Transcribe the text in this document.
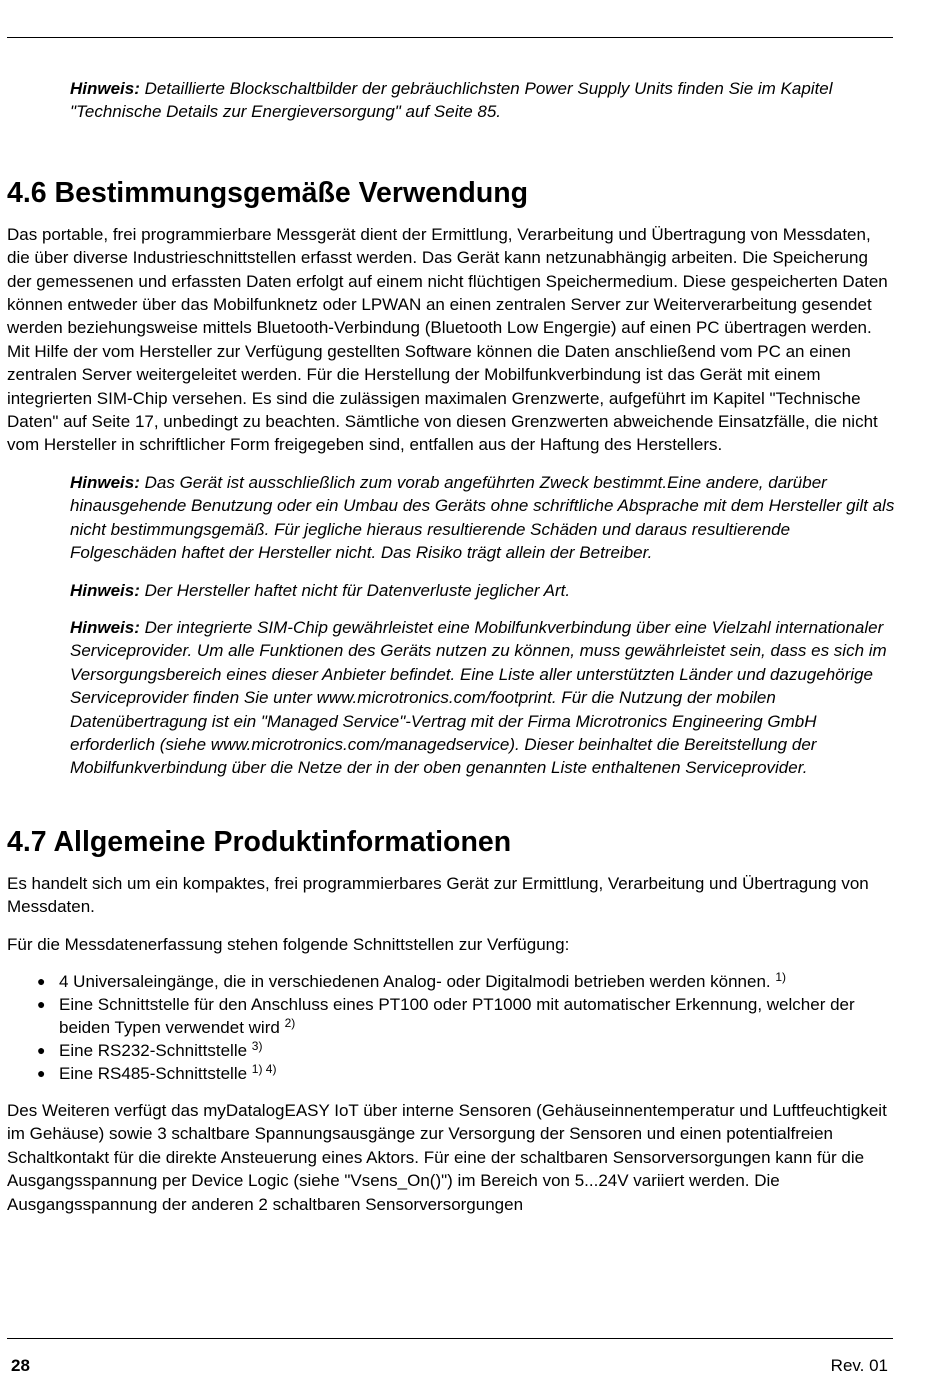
Hinweis: Detaillierte Blockschaltbilder der gebräuchlichsten Power Supply Units finden Sie im Kapitel "Technische Details zur Energieversorgung" auf Seite 85.

4.6 Bestimmungsgemäße Verwendung

Das portable, frei programmierbare Messgerät dient der Ermittlung, Verarbeitung und Übertragung von Messdaten, die über diverse Industrieschnittstellen erfasst werden. Das Gerät kann netzunabhängig arbeiten. Die Speicherung der gemessenen und erfassten Daten erfolgt auf einem nicht flüchtigen Speichermedium. Diese gespeicherten Daten können entweder über das Mobilfunknetz oder LPWAN an einen zentralen Server zur Weiterverarbeitung gesendet werden beziehungsweise mittels Bluetooth-Verbindung (Bluetooth Low Engergie) auf einen PC übertragen werden. Mit Hilfe der vom Hersteller zur Verfügung gestellten Software können die Daten anschließend vom PC an einen zentralen Server weitergeleitet werden. Für die Herstellung der Mobilfunkverbindung ist das Gerät mit einem integrierten SIM-Chip versehen. Es sind die zulässigen maximalen Grenzwerte, aufgeführt im Kapitel "Technische Daten" auf Seite 17, unbedingt zu beachten. Sämtliche von diesen Grenzwerten abweichende Einsatzfälle, die nicht vom Hersteller in schriftlicher Form freigegeben sind, entfallen aus der Haftung des Herstellers.

Hinweis: Das Gerät ist ausschließlich zum vorab angeführten Zweck bestimmt.Eine andere, darüber hinausgehende Benutzung oder ein Umbau des Geräts ohne schriftliche Absprache mit dem Hersteller gilt als nicht bestimmungsgemäß. Für jegliche hieraus resultierende Schäden und daraus resultierende Folgeschäden haftet der Hersteller nicht. Das Risiko trägt allein der Betreiber.

Hinweis: Der Hersteller haftet nicht für Datenverluste jeglicher Art.

Hinweis: Der integrierte SIM-Chip gewährleistet eine Mobilfunkverbindung über eine Vielzahl internationaler Serviceprovider. Um alle Funktionen des Geräts nutzen zu können, muss gewährleistet sein, dass es sich im Versorgungsbereich eines dieser Anbieter befindet. Eine Liste aller unterstützten Länder und dazugehörige Serviceprovider finden Sie unter www.microtronics.com/footprint. Für die Nutzung der mobilen Datenübertragung ist ein "Managed Service"-Vertrag mit der Firma Microtronics Engineering GmbH erforderlich (siehe www.microtronics.com/managedservice). Dieser beinhaltet die Bereitstellung der Mobilfunkverbindung über die Netze der in der oben genannten Liste enthaltenen Serviceprovider.

4.7 Allgemeine Produktinformationen

Es handelt sich um ein kompaktes, frei programmierbares Gerät zur Ermittlung, Verarbeitung und Übertragung von Messdaten.

Für die Messdatenerfassung stehen folgende Schnittstellen zur Verfügung:

● 4 Universaleingänge, die in verschiedenen Analog- oder Digitalmodi betrieben werden können. $^{1)}$
● Eine Schnittstelle für den Anschluss eines PT100 oder PT1000 mit automatischer Erkennung, welcher der beiden Typen verwendet wird $^{2)}$
● Eine RS232-Schnittstelle $^{3)}$
● Eine RS485-Schnittstelle $^{1) 4)}$

Des Weiteren verfügt das myDatalogEASY IoT über interne Sensoren (Gehäuseinnentemperatur und Luftfeuchtigkeit im Gehäuse) sowie 3 schaltbare Spannungsausgänge zur Versorgung der Sensoren und einen potentialfreien Schaltkontakt für die direkte Ansteuerung eines Aktors. Für eine der schaltbaren Sensorversorgungen kann für die Ausgangsspannung per Device Logic (siehe "Vsens_On()") im Bereich von 5...24V variiert werden. Die Ausgangsspannung der anderen 2 schaltbaren Sensorversorgungen

28	Rev. 01
